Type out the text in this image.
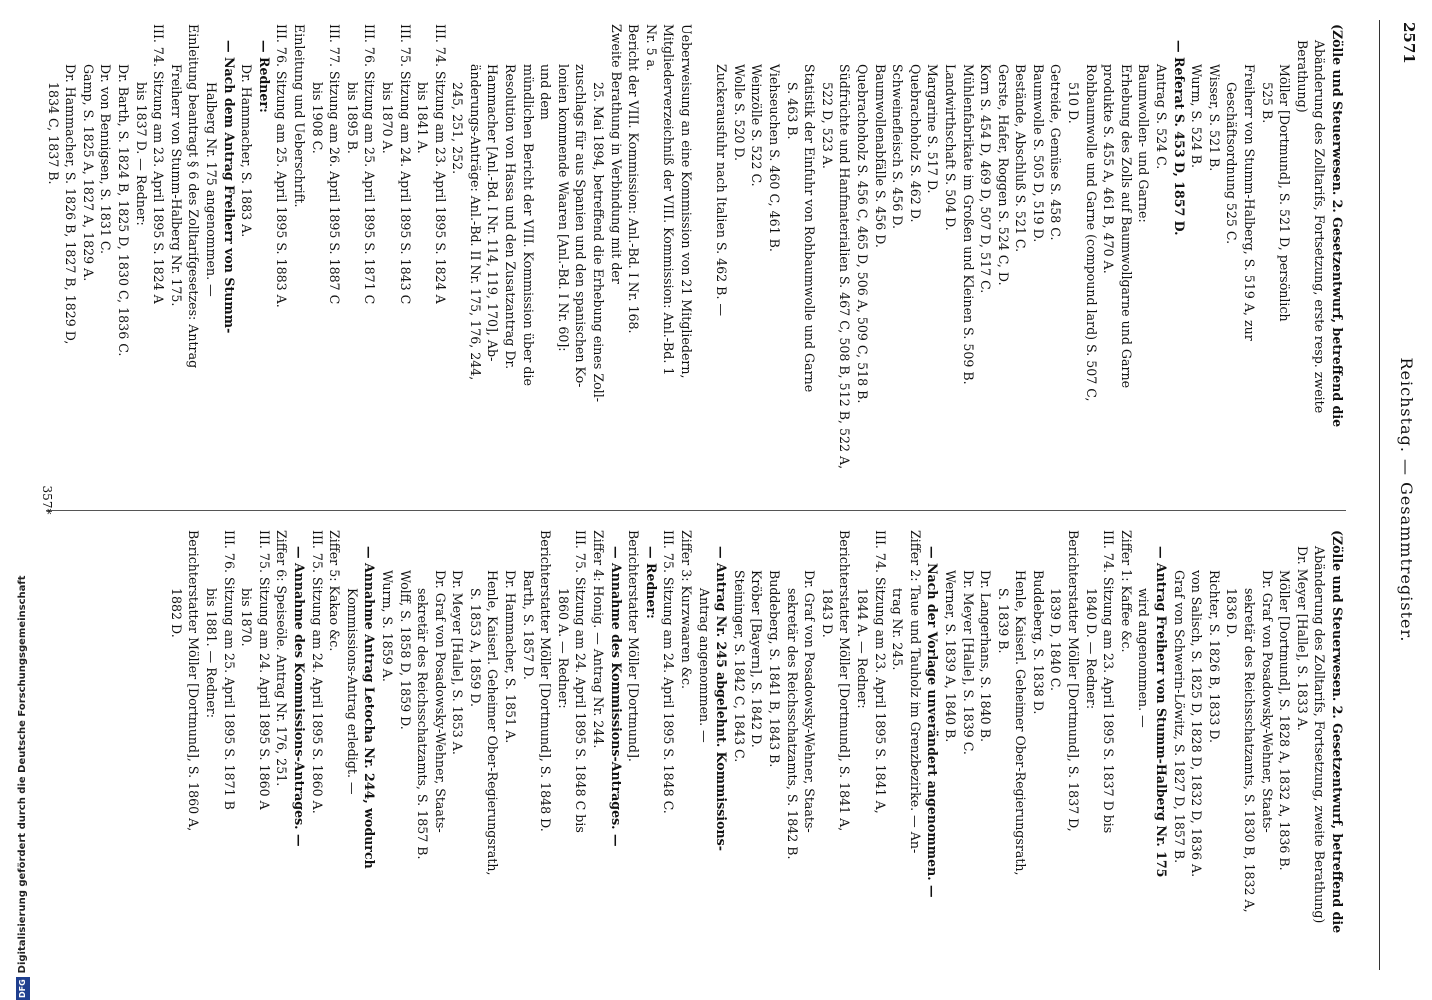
2571
Reichstag. — Gesammtregister.
(Zölle und Steuerwesen. 2. Gesetzentwurf, betreffend die
Abänderung des Zolltarifs, Fortsetzung, erste resp. zweite
Berathung)
Möller [Dortmund], S. 521 D, persönlich
525 B.
Freiherr von Stumm-Halberg, S. 519 A, zur
Geschäftsordnung 525 C.
Wisser, S. 521 B.
Wurm, S. 524 B.
— Referat S. 453 D, 1857 D.
Antrag S. 524 C.
Baumwollen- und Garne:
Erhebung des Zolls auf Baumwollgarne und Garne
produkte S. 455 A, 461 B, 470 A.
Rohbaumwolle und Garne (compound lard) S. 507 C,
510 D.
Getreide, Gemüse S. 458 C.
Baumwolle S. 505 D, 519 D.
Bestände, Abschluß S. 521 C.
Gerste, Hafer, Roggen S. 524 C, D.
Korn S. 454 D, 469 D, 507 D, 517 C.
Mühlenfabrikate im Großen und Kleinen S. 509 B.
Landwirthschaft S. 504 D.
Margarine S. 517 D.
Quebrachoholz S. 462 D.
Schweinefleisch S. 456 D.
Baumwollenabfälle S. 456 D.
Quebrachoholz S. 456 C, 465 D, 506 A, 509 C, 518 B.
Südfrüchte und Hanfmaterialien S. 467 C, 508 B, 512 B, 522 A,
522 D, 523 A.
Statistik der Einfuhr von Rohbaumwolle und Garne
S. 463 B.
Viehseuchen S. 460 C, 461 B.
Weinzölle S. 522 C.
Wolle S. 520 D.
Zuckerausfuhr nach Italien S. 462 B. —

Ueberweisung an eine Kommission von 21 Mitgliedern,
Mitgliederverzeichniß der VIII. Kommission: Anl.-Bd. 1
Nr. 5 a.
Bericht der VIII. Kommission: Anl.-Bd. I Nr. 168.
Zweite Berathung in Verbindung mit der
25. Mai 1894, betreffend die Erhebung eines Zoll-
zuschlags für aus Spanien und den spanischen Ko-
lonien kommende Waaren [Anl.-Bd. I Nr. 60]:
und dem
mündlichen Bericht der VIII. Kommission über die
Resolution von Hassa und den Zusatzantrag Dr.
Hammacher [Anl.-Bd. I Nr. 114, 119, 170], Ab-
änderungs-Anträge: Anl.-Bd. II Nr. 175, 176, 244,
245, 251, 252.
III. 74. Sitzung am 23. April 1895 S. 1824 A
bis 1841 A.
III. 75. Sitzung am 24. April 1895 S. 1843 C
bis 1870 A.
III. 76. Sitzung am 25. April 1895 S. 1871 C
bis 1895 B.
III. 77. Sitzung am 26. April 1895 S. 1887 C
bis 1908 C.
Einleitung und Ueberschrift.
III. 76. Sitzung am 25. April 1895 S. 1883 A.
— Redner:
Dr. Hammacher, S. 1883 A.
— Nach dem Antrag Freiherr von Stumm-
Halberg Nr. 175 angenommen. —
Einleitung beantragt § 6 des Zolltarifgesetzes: Antrag
Freiherr von Stumm-Halberg Nr. 175.
III. 74. Sitzung am 23. April 1895 S. 1824 A
bis 1837 D. — Redner:
Dr. Barth, S. 1824 B, 1825 D, 1830 C, 1836 C.
Dr. von Bennigsen, S. 1831 C.
Gamp, S. 1825 A, 1827 A, 1829 A.
Dr. Hammacher, S. 1826 B, 1827 B, 1829 D,
1834 C, 1837 B.
(Zölle und Steuerwesen. 2. Gesetzentwurf, betreffend die
Abänderung des Zolltarifs, Fortsetzung, zweite Berathung)
Dr. Meyer [Halle], S. 1833 A.
Möller [Dortmund], S. 1828 A, 1832 A, 1836 B.
Dr. Graf von Posadowsky-Wehner, Staats-
sekretär des Reichsschatzamts, S. 1830 B, 1832 A,
1836 D.
Richter, S. 1826 B, 1833 D.
von Salisch, S. 1825 D, 1828 D, 1832 D, 1836 A.
Graf von Schwerin-Löwitz, S. 1827 D, 1857 B.
— Antrag Freiherr von Stumm-Halberg Nr. 175
wird angenommen. —
Ziffer 1: Kaffee &c.
III. 74. Sitzung am 23. April 1895 S. 1837 D bis
1840 D. — Redner:
Berichterstatter Möller [Dortmund], S. 1837 D,
1839 D, 1840 C.
Buddeberg, S. 1838 D.
Henle, Kaiserl. Geheimer Ober-Regierungsrath,
S. 1839 B.
Dr. Langerhans, S. 1840 B.
Dr. Meyer [Halle], S. 1839 C.
Werner, S. 1839 A, 1840 B.
— Nach der Vorlage unverändert angenommen. —
Ziffer 2: Taue und Tauholz im Grenzbezirke. — An-
trag Nr. 245.
III. 74. Sitzung am 23. April 1895 S. 1841 A,
1844 A. — Redner:
Berichterstatter Möller [Dortmund], S. 1841 A,
1843 D.
Dr. Graf von Posadowsky-Wehner, Staats-
sekretär des Reichsschatzamts, S. 1842 B.
Buddeberg, S. 1841 B, 1843 B.
Kröber [Bayern], S. 1842 D.
Steininger, S. 1842 C, 1843 C.
— Antrag Nr. 245 abgelehnt. Kommissions-
Antrag angenommen. —
Ziffer 3: Kurzwaaren &c.
III. 75. Sitzung am 24. April 1895 S. 1848 C.
— Redner:
Berichterstatter Möller [Dortmund].
— Annahme des Kommissions-Antrages. —
Ziffer 4: Honig. — Antrag Nr. 244.
III. 75. Sitzung am 24. April 1895 S. 1848 C bis
1860 A. — Redner:
Berichterstatter Möller [Dortmund], S. 1848 D.
Barth, S. 1857 D.
Dr. Hammacher, S. 1851 A.
Henle, Kaiserl. Geheimer Ober-Regierungsrath,
S. 1853 A, 1859 D.
Dr. Meyer [Halle], S. 1853 A.
Dr. Graf von Posadowsky-Wehner, Staats-
sekretär des Reichsschatzamts, S. 1857 B.
Wolff, S. 1858 D, 1859 D.
Wurm, S. 1859 A.
— Annahme Antrag Letocha Nr. 244, wodurch
Kommissions-Antrag erledigt. —
Ziffer 5: Kakao &c.
III. 75. Sitzung am 24. April 1895 S. 1860 A.
— Annahme des Kommissions-Antrages. —
Ziffer 6: Speiseöle. Antrag Nr. 176, 251.
III. 75. Sitzung am 24. April 1895 S. 1860 A
bis 1870.
III. 76. Sitzung am 25. April 1895 S. 1871 B
bis 1881. — Redner:
Berichterstatter Möller [Dortmund], S. 1860 A,
1882 D.
357*
DFGDigitalisierung gefördert durch die Deutsche Forschungsgemeinschaft
